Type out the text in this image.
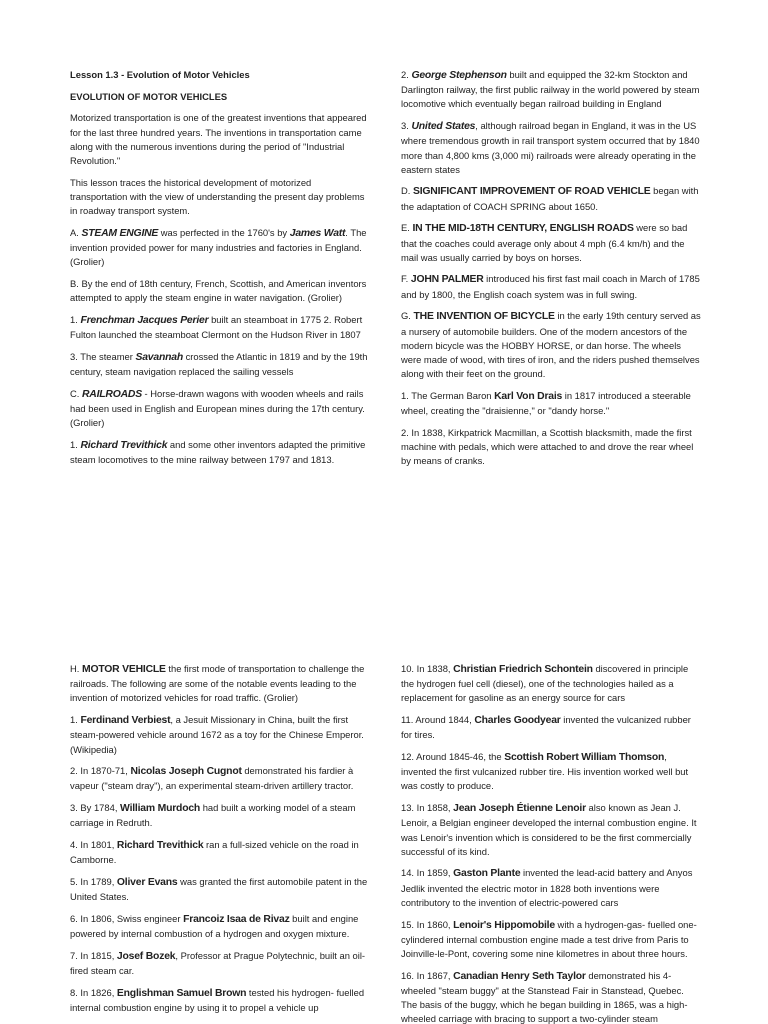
Lesson 1.3 - Evolution of Motor Vehicles

EVOLUTION OF MOTOR VEHICLES

Motorized transportation is one of the greatest inventions that appeared for the last three hundred years. The inventions in transportation came along with the numerous inventions during the period of "Industrial Revolution."

This lesson traces the historical development of motorized transportation with the view of understanding the present day problems in roadway transport system.

A. STEAM ENGINE was perfected in the 1760's by James Watt. The invention provided power for many industries and factories in England. (Grolier)

B. By the end of 18th century, French, Scottish, and American inventors attempted to apply the steam engine in water navigation. (Grolier)

1. Frenchman Jacques Perier built an steamboat in 1775 2. Robert Fulton launched the steamboat Clermont on the Hudson River in 1807

3. The steamer Savannah crossed the Atlantic in 1819 and by the 19th century, steam navigation replaced the sailing vessels

C. RAILROADS - Horse-drawn wagons with wooden wheels and rails had been used in English and European mines during the 17th century. (Grolier)

1. Richard Trevithick and some other inventors adapted the primitive steam locomotives to the mine railway between 1797 and 1813.

2. George Stephenson built and equipped the 32-km Stockton and Darlington railway, the first public railway in the world powered by steam locomotive which eventually began railroad building in England

3. United States, although railroad began in England, it was in the US where tremendous growth in rail transport system occurred that by 1840 more than 4,800 kms (3,000 mi) railroads were already operating in the eastern states

D. SIGNIFICANT IMPROVEMENT OF ROAD VEHICLE began with the adaptation of COACH SPRING about 1650.

E. IN THE MID-18TH CENTURY, ENGLISH ROADS were so bad that the coaches could average only about 4 mph (6.4 km/h) and the mail was usually carried by boys on horses.

F. JOHN PALMER introduced his first fast mail coach in March of 1785 and by 1800, the English coach system was in full swing.

G. THE INVENTION OF BICYCLE in the early 19th century served as a nursery of automobile builders. One of the modern ancestors of the modern bicycle was the HOBBY HORSE, or dan horse. The wheels were made of wood, with tires of iron, and the riders pushed themselves along with their feet on the ground.

1. The German Baron Karl Von Drais in 1817 introduced a steerable wheel, creating the "draisienne," or "dandy horse."

2. In 1838, Kirkpatrick Macmillan, a Scottish blacksmith, made the first machine with pedals, which were attached to and drove the rear wheel by means of cranks.

H. MOTOR VEHICLE the first mode of transportation to challenge the railroads. The following are some of the notable events leading to the invention of motorized vehicles for road traffic. (Grolier)

1. Ferdinand Verbiest, a Jesuit Missionary in China, built the first steam-powered vehicle around 1672 as a toy for the Chinese Emperor. (Wikipedia)

2. In 1870-71, Nicolas Joseph Cugnot demonstrated his fardier à vapeur ("steam dray"), an experimental steam-driven artillery tractor.

3. By 1784, William Murdoch had built a working model of a steam carriage in Redruth.

4. In 1801, Richard Trevithick ran a full-sized vehicle on the road in Camborne.

5. In 1789, Oliver Evans was granted the first automobile patent in the United States.

6. In 1806, Swiss engineer Francoiz Isaa de Rivaz built and engine powered by internal combustion of a hydrogen and oxygen mixture.

7. In 1815, Josef Bozek, Professor at Prague Polytechnic, built an oil-fired steam car.

8. In 1826, Englishman Samuel Brown tested his hydrogen- fuelled internal combustion engine by using it to propel a vehicle up

10. In 1838, Christian Friedrich Schontein discovered in principle the hydrogen fuel cell (diesel), one of the technologies hailed as a replacement for gasoline as an energy source for cars

11. Around 1844, Charles Goodyear invented the vulcanized rubber for tires.

12. Around 1845-46, the Scottish Robert William Thomson, invented the first vulcanized rubber tire. His invention worked well but was costly to produce.

13. In 1858, Jean Joseph Étienne Lenoir also known as Jean J. Lenoir, a Belgian engineer developed the internal combustion engine. It was Lenoir's invention which is considered to be the first commercially successful of its kind.

14. In 1859, Gaston Plante invented the lead-acid battery and Anyos Jedlik invented the electric motor in 1828 both inventions were contributory to the invention of electric-powered cars

15. In 1860, Lenoir's Hippomobile with a hydrogen-gas- fuelled one-cylindered internal combustion engine made a test drive from Paris to Joinville-le-Pont, covering some nine kilometres in about three hours.

16. In 1867, Canadian Henry Seth Taylor demonstrated his 4-wheeled "steam buggy" at the Stanstead Fair in Stanstead, Quebec. The basis of the buggy, which he began building in 1865, was a high-wheeled carriage with bracing to support a two-cylinder steam
